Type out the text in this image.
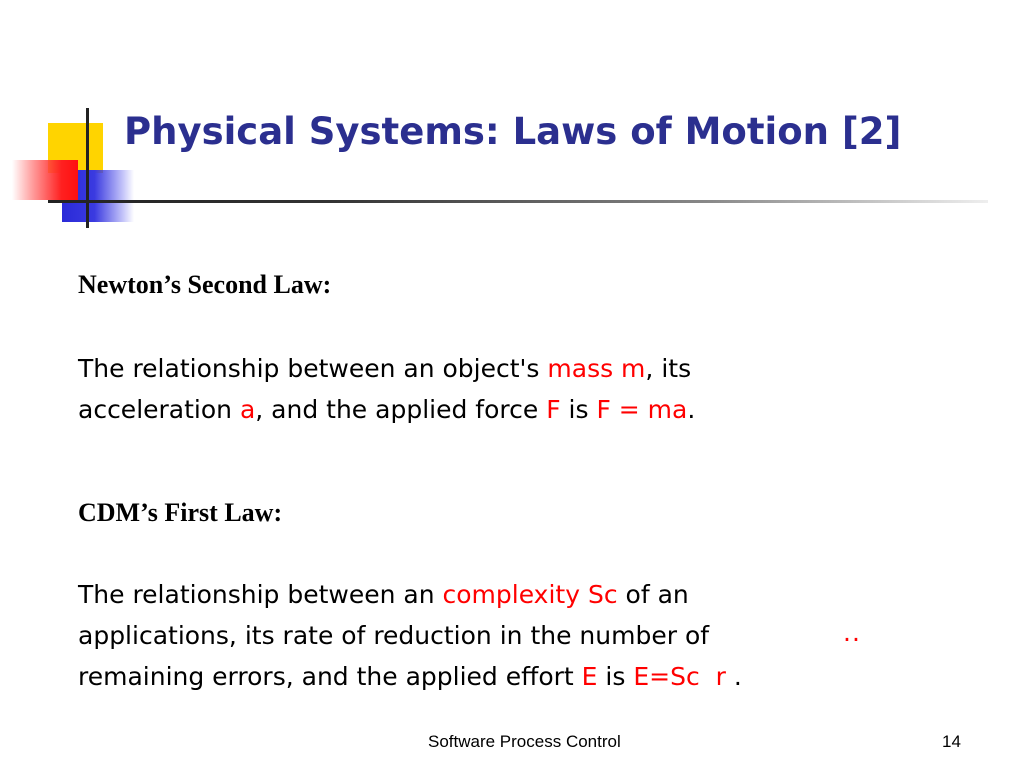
Physical Systems: Laws of Motion [2]
Newton’s Second Law:
The relationship between an object's mass m, its
acceleration a, and the applied force F is F = ma.
CDM’s First Law:
The relationship between an complexity Sc of an
applications, its rate of reduction in the number of
remaining errors, and the applied effort E is E=Sc r .
..
Software Process Control	14
